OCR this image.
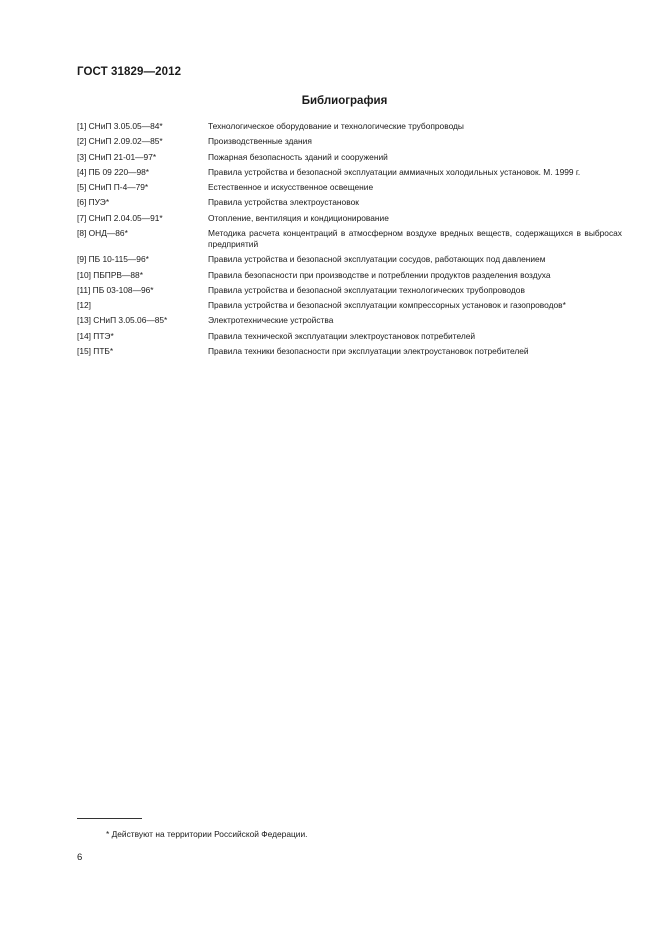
ГОСТ 31829—2012
Библиография
[1] СНиП 3.05.05—84*	Технологическое оборудование и технологические трубопроводы
[2] СНиП 2.09.02—85*	Производственные здания
[3] СНиП 21-01—97*	Пожарная безопасность зданий и сооружений
[4] ПБ 09 220—98*	Правила устройства и безопасной эксплуатации аммиачных холодильных установок. М. 1999 г.
[5] СНиП П-4—79*	Естественное и искусственное освещение
[6] ПУЭ*	Правила устройства электроустановок
[7] СНиП 2.04.05—91*	Отопление, вентиляция и кондиционирование
[8] ОНД—86*	Методика расчета концентраций в атмосферном воздухе вредных веществ, содержащихся в выбросах предприятий
[9] ПБ 10-115—96*	Правила устройства и безопасной эксплуатации сосудов, работающих под давлением
[10] ПБПРВ—88*	Правила безопасности при производстве и потреблении продуктов разделения воздуха
[11] ПБ 03-108—96*	Правила устройства и безопасной эксплуатации технологических трубопроводов
[12]	Правила устройства и безопасной эксплуатации компрессорных установок и газопроводов*
[13] СНиП 3.05.06—85*	Электротехнические устройства
[14] ПТЭ*	Правила технической эксплуатации электроустановок потребителей
[15] ПТБ*	Правила техники безопасности при эксплуатации электроустановок потребителей
* Действуют на территории Российской Федерации.
6
